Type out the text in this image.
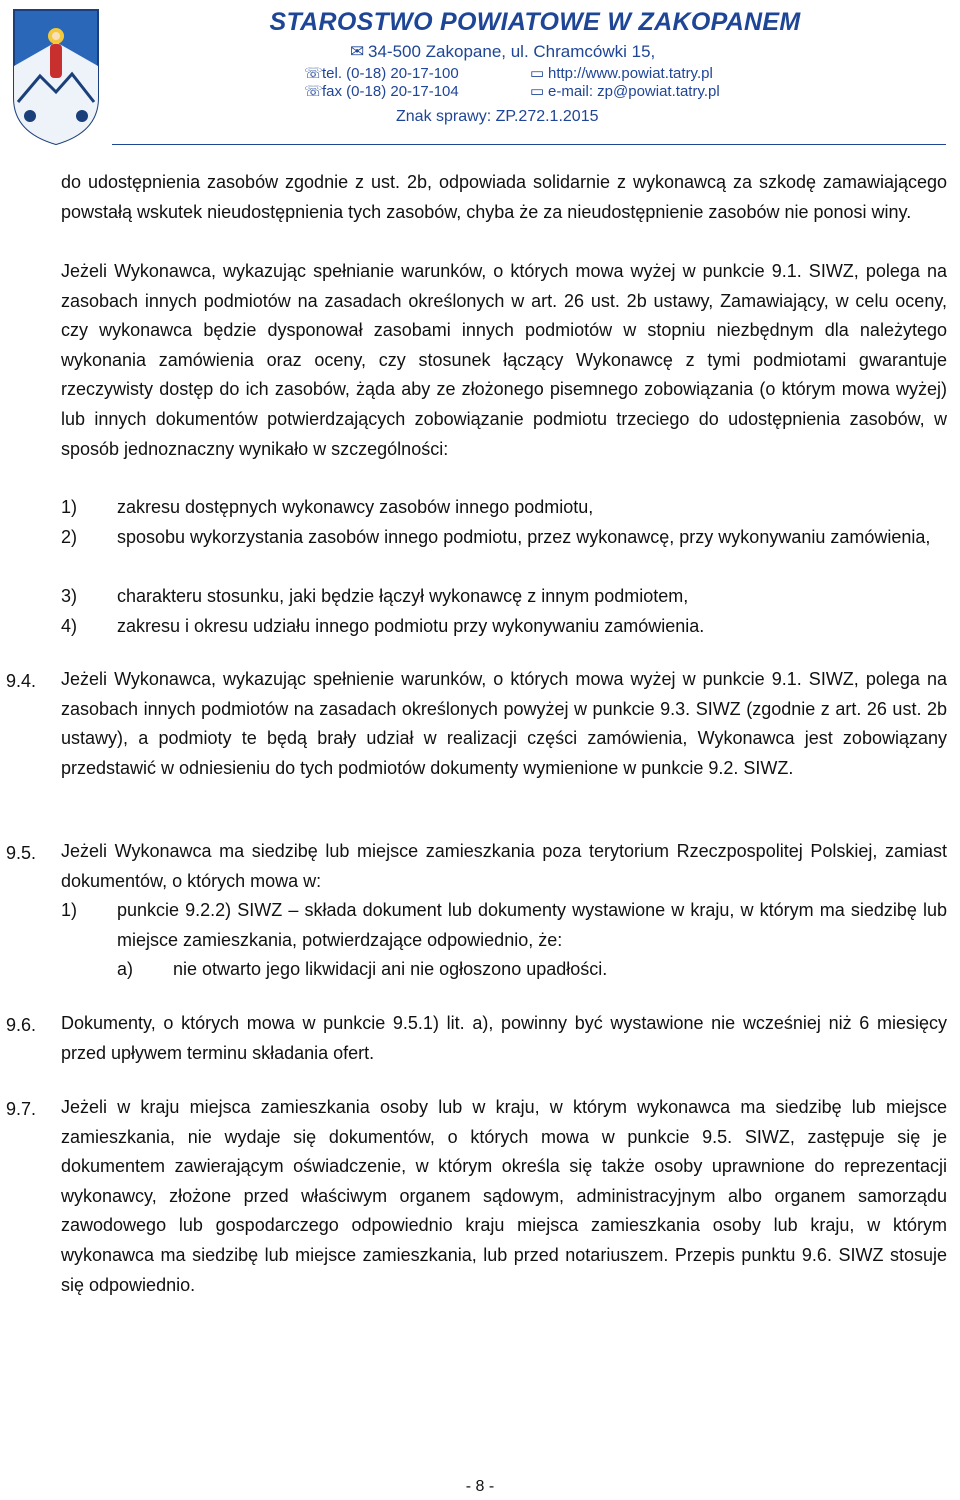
STAROSTWO POWIATOWE W ZAKOPANEM
✉ 34-500 Zakopane, ul. Chramcówki 15,
☏tel. (0-18) 20-17-100
☏fax (0-18) 20-17-104
▭ http://www.powiat.tatry.pl
▭ e-mail: zp@powiat.tatry.pl
Znak sprawy: ZP.272.1.2015

do udostępnienia zasobów zgodnie z ust. 2b, odpowiada solidarnie z wykonawcą za szkodę zamawiającego powstałą wskutek nieudostępnienia tych zasobów, chyba że za nieudostępnienie zasobów nie ponosi winy.

Jeżeli Wykonawca, wykazując spełnianie warunków, o których mowa wyżej w punkcie 9.1. SIWZ, polega na zasobach innych podmiotów na zasadach określonych w art. 26 ust. 2b ustawy, Zamawiający, w celu oceny, czy wykonawca będzie dysponował zasobami innych podmiotów w stopniu niezbędnym dla należytego wykonania zamówienia oraz oceny, czy stosunek łączący Wykonawcę z tymi podmiotami gwarantuje rzeczywisty dostęp do ich zasobów, żąda aby ze złożonego pisemnego zobowiązania (o którym mowa wyżej) lub innych dokumentów potwierdzających zobowiązanie podmiotu trzeciego do udostępnienia zasobów, w sposób jednoznaczny wynikało w szczególności:

1) zakresu dostępnych wykonawcy zasobów innego podmiotu,
2) sposobu wykorzystania zasobów innego podmiotu, przez wykonawcę, przy wykonywaniu zamówienia,
3) charakteru stosunku, jaki będzie łączył wykonawcę z innym podmiotem,
4) zakresu i okresu udziału innego podmiotu przy wykonywaniu zamówienia.
9.4. Jeżeli Wykonawca, wykazując spełnienie warunków, o których mowa wyżej w punkcie 9.1. SIWZ, polega na zasobach innych podmiotów na zasadach określonych powyżej w punkcie 9.3. SIWZ (zgodnie z art. 26 ust. 2b ustawy), a podmioty te będą brały udział w realizacji części zamówienia, Wykonawca jest zobowiązany przedstawić w odniesieniu do tych podmiotów dokumenty wymienione w punkcie 9.2. SIWZ.

9.5. Jeżeli Wykonawca ma siedzibę lub miejsce zamieszkania poza terytorium Rzeczpospolitej Polskiej, zamiast dokumentów, o których mowa w:

1) punkcie 9.2.2) SIWZ – składa dokument lub dokumenty wystawione w kraju, w którym ma siedzibę lub miejsce zamieszkania, potwierdzające odpowiednio, że:
a) nie otwarto jego likwidacji ani nie ogłoszono upadłości.
9.6. Dokumenty, o których mowa w punkcie 9.5.1) lit. a), powinny być wystawione nie wcześniej niż 6 miesięcy przed upływem terminu składania ofert.

9.7. Jeżeli w kraju miejsca zamieszkania osoby lub w kraju, w którym wykonawca ma siedzibę lub miejsce zamieszkania, nie wydaje się dokumentów, o których mowa w punkcie 9.5. SIWZ, zastępuje się je dokumentem zawierającym oświadczenie, w którym określa się także osoby uprawnione do reprezentacji wykonawcy, złożone przed właściwym organem sądowym, administracyjnym albo organem samorządu zawodowego lub gospodarczego odpowiednio kraju miejsca zamieszkania osoby lub kraju, w którym wykonawca ma siedzibę lub miejsce zamieszkania, lub przed notariuszem. Przepis punktu 9.6. SIWZ stosuje się odpowiednio.

- 8 -
